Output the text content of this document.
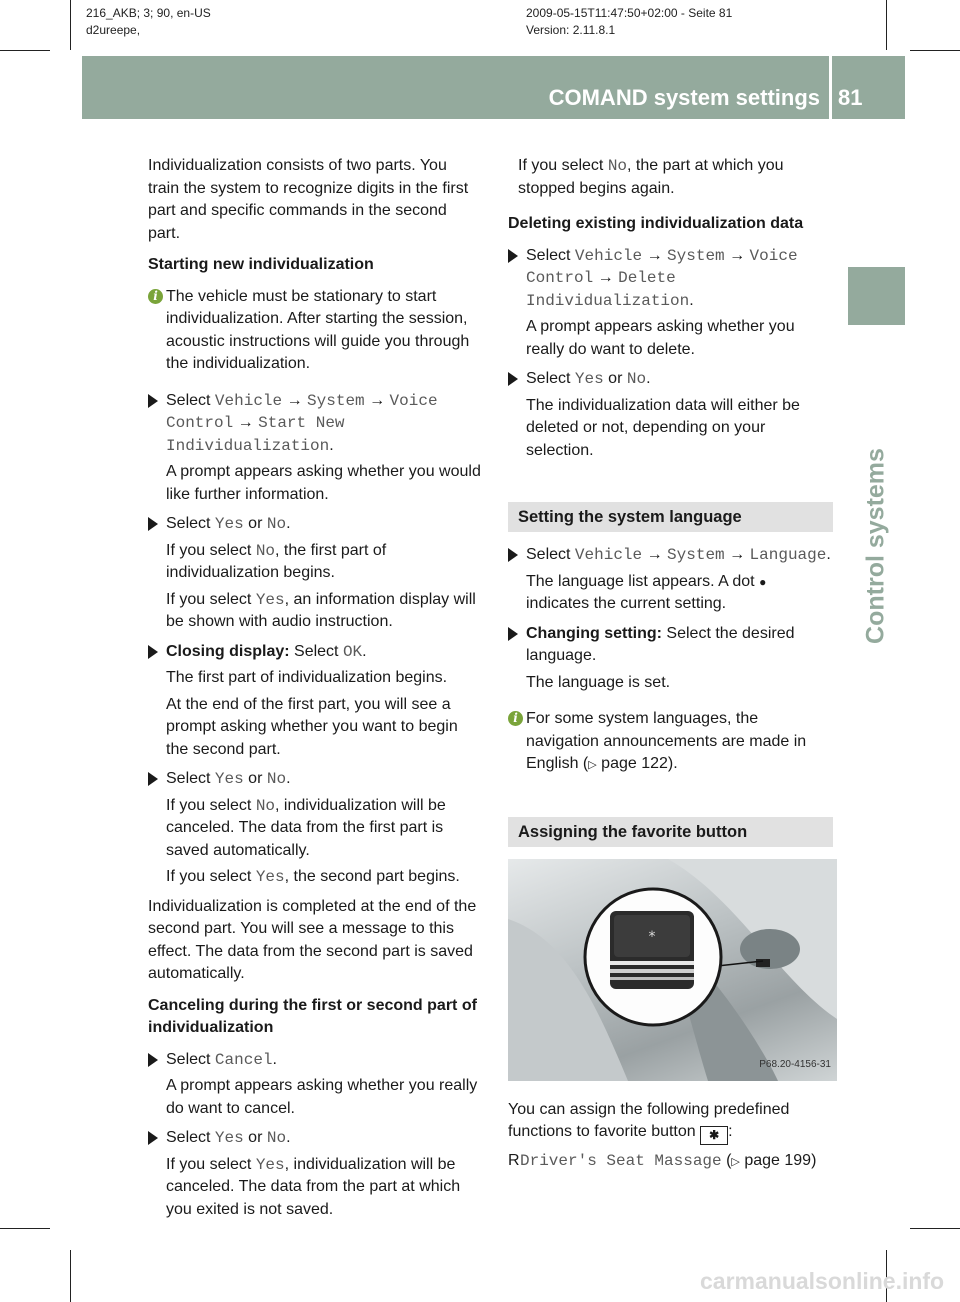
216_AKB; 3; 90, en-US
d2ureepe,
2009-05-15T11:47:50+02:00 - Seite 81
Version: 2.11.8.1
COMAND system settings 81
Control systems

Individualization consists of two parts. You train the system to recognize digits in the first part and specific commands in the second part.

Starting new individualization

i The vehicle must be stationary to start individualization. After starting the session, acoustic instructions will guide you through the individualization.
Select Vehicle → System → Voice Control → Start New Individualization.
A prompt appears asking whether you would like further information.
Select Yes or No.
If you select No, the first part of individualization begins.
If you select Yes, an information display will be shown with audio instruction.
Closing display: Select OK.
The first part of individualization begins.
At the end of the first part, you will see a prompt asking whether you want to begin the second part.
Select Yes or No.
If you select No, individualization will be canceled. The data from the first part is saved automatically.
If you select Yes, the second part begins.

Individualization is completed at the end of the second part. You will see a message to this effect. The data from the second part is saved automatically.

Canceling during the first or second part of individualization

Select Cancel.
A prompt appears asking whether you really do want to cancel.
Select Yes or No.
If you select Yes, individualization will be canceled. The data from the part at which you exited is not saved.

If you select No, the part at which you stopped begins again.

Deleting existing individualization data

Select Vehicle → System → Voice Control → Delete Individualization.
A prompt appears asking whether you really do want to delete.
Select Yes or No.
The individualization data will either be deleted or not, depending on your selection.
Setting the system language
Select Vehicle → System → Language.
The language list appears. A dot ● indicates the current setting.
Changing setting: Select the desired language.
The language is set.
i For some system languages, the navigation announcements are made in English (▷ page 122).
Assigning the favorite button
*
P68.20-4156-31

You can assign the following predefined functions to favorite button ✱ :

R Driver's Seat Massage (▷ page 199)
carmanualsonline.info
